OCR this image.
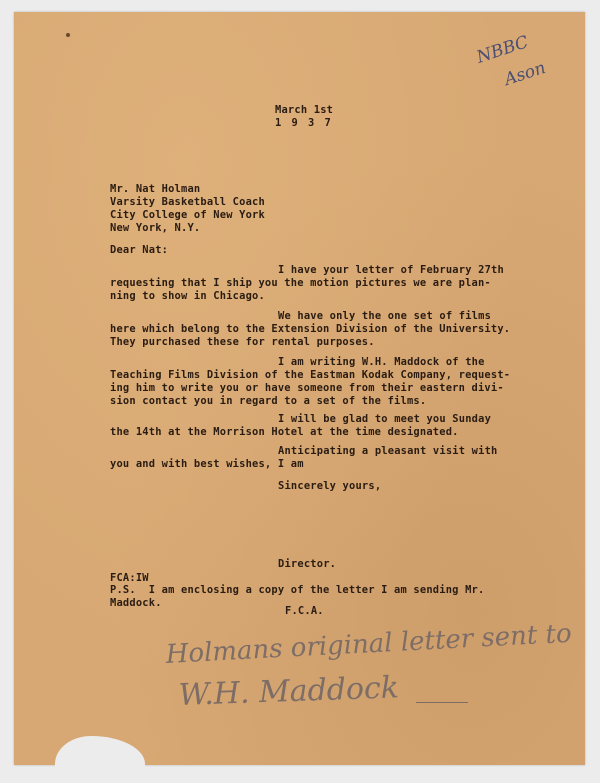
NBBC
Ason
March 1st
1 9 3 7
Mr. Nat Holman
Varsity Basketball Coach
City College of New York
New York, N.Y.
Dear Nat:
I have your letter of February 27th
requesting that I ship you the motion pictures we are plan-
ning to show in Chicago.
We have only the one set of films
here which belong to the Extension Division of the University.
They purchased these for rental purposes.
I am writing W.H. Maddock of the
Teaching Films Division of the Eastman Kodak Company, request-
ing him to write you or have someone from their eastern divi-
sion contact you in regard to a set of the films.
I will be glad to meet you Sunday
the 14th at the Morrison Hotel at the time designated.
Anticipating a pleasant visit with
you and with best wishes, I am
Sincerely yours,
Director.
FCA:IW
P.S.  I am enclosing a copy of the letter I am sending Mr.
Maddock.
F.C.A.
Holmans original letter sent to
W.H. Maddock
